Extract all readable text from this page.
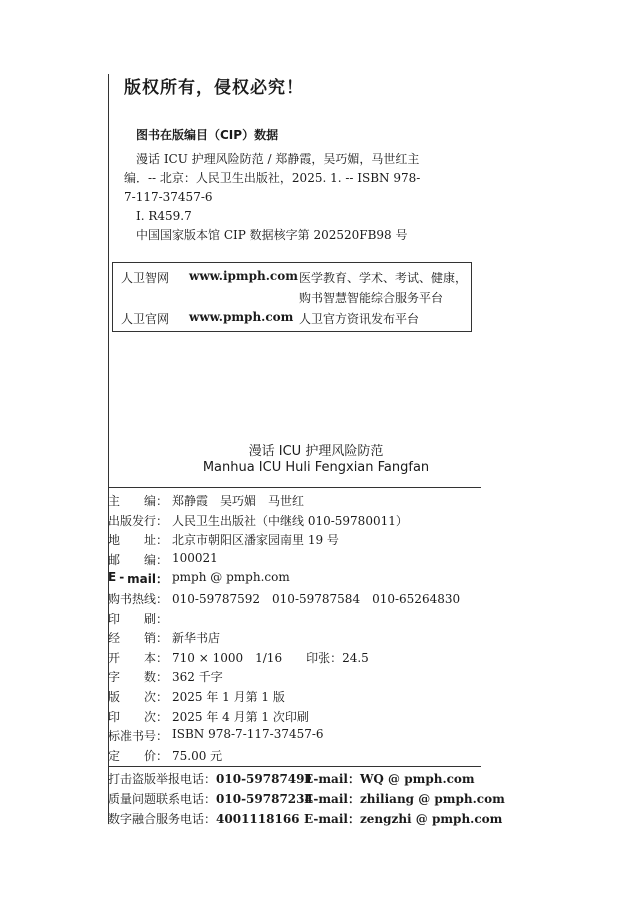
版权所有，侵权必究！
图书在版编目（CIP）数据
漫话 ICU 护理风险防范 / 郑静霞，吴巧媚，马世红主
编．-- 北京：人民卫生出版社，2025. 1. -- ISBN 978-
7-117-37457-6
Ⅰ. R459.7
中国国家版本馆 CIP 数据核字第 202520FB98 号
人卫智网 www.ipmph.com 医学教育、学术、考试、健康，
购书智慧智能综合服务平台
人卫官网 www.pmph.com 人卫官方资讯发布平台
漫话 ICU 护理风险防范
Manhua ICU Huli Fengxian Fangfan
主 编： 郑静霞　吴巧媚　马世红
出版发行： 人民卫生出版社（中继线 010-59780011）
地 址： 北京市朝阳区潘家园南里 19 号
邮 编： 100021
E - mail： pmph @ pmph.com
购书热线： 010-59787592　010-59787584　010-65264830
印 刷：
经 销： 新华书店
开 本： 710 × 1000　1/16　　印张：24.5
字 数： 362 千字
版 次： 2025 年 1 月第 1 版
印 次： 2025 年 4 月第 1 次印刷
标准书号： ISBN 978-7-117-37457-6
定 价： 75.00 元
打击盗版举报电话：010-59787491
E-mail：WQ @ pmph.com
质量问题联系电话：010-59787234
E-mail：zhiliang @ pmph.com
数字融合服务电话：4001118166 E-mail：zengzhi @ pmph.com
